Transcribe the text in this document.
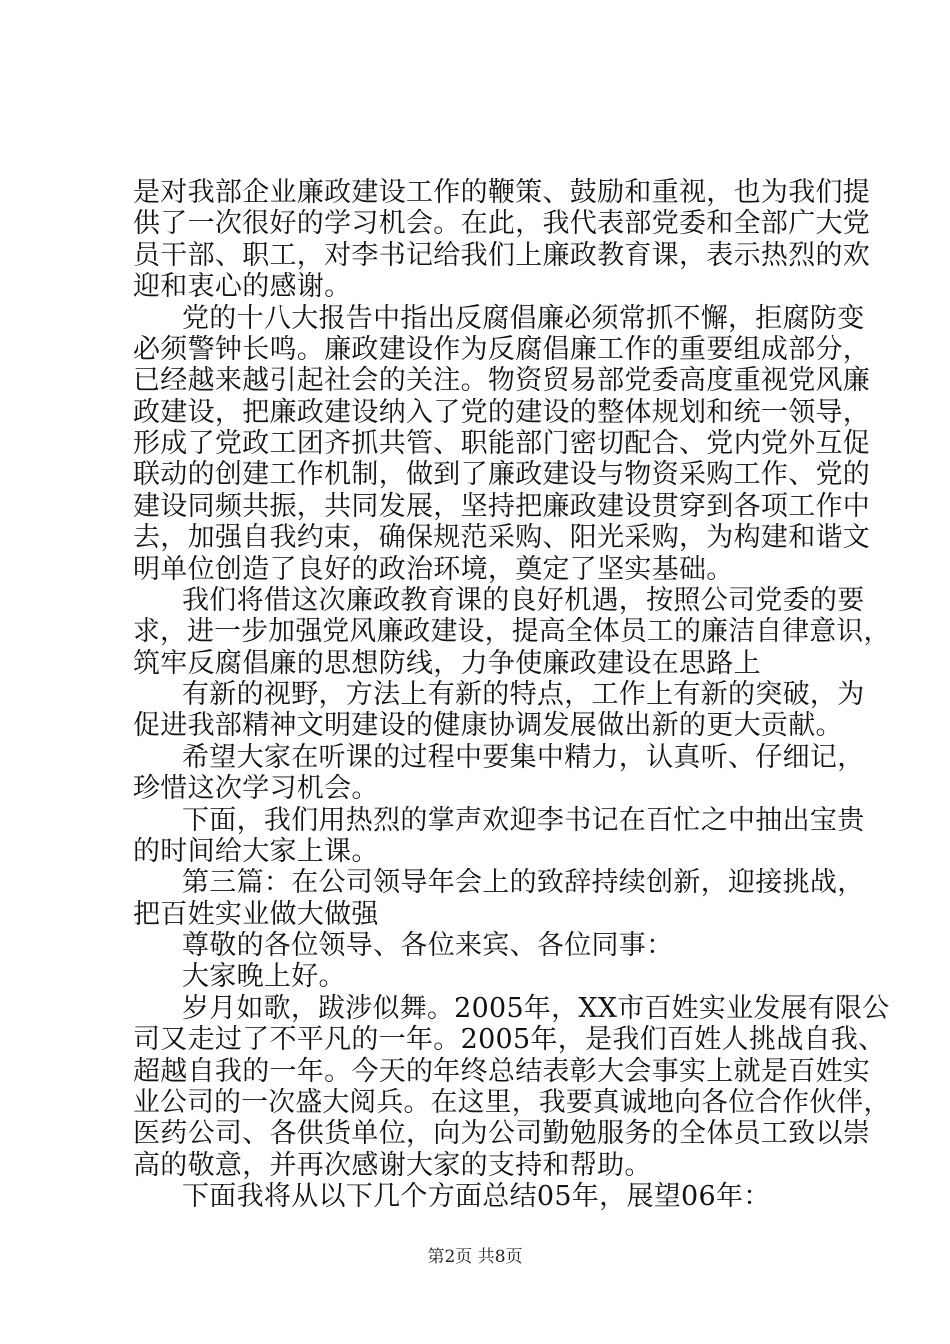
是对我部企业廉政建设工作的鞭策、鼓励和重视，也为我们提
供了一次很好的学习机会。在此，我代表部党委和全部广大党
员干部、职工，对李书记给我们上廉政教育课，表示热烈的欢
迎和衷心的感谢。
党的十八大报告中指出反腐倡廉必须常抓不懈，拒腐防变
必须警钟长鸣。廉政建设作为反腐倡廉工作的重要组成部分，
已经越来越引起社会的关注。物资贸易部党委高度重视党风廉
政建设，把廉政建设纳入了党的建设的整体规划和统一领导，
形成了党政工团齐抓共管、职能部门密切配合、党内党外互促
联动的创建工作机制，做到了廉政建设与物资采购工作、党的
建设同频共振，共同发展，坚持把廉政建设贯穿到各项工作中
去，加强自我约束，确保规范采购、阳光采购，为构建和谐文
明单位创造了良好的政治环境，奠定了坚实基础。
我们将借这次廉政教育课的良好机遇，按照公司党委的要
求，进一步加强党风廉政建设，提高全体员工的廉洁自律意识，
筑牢反腐倡廉的思想防线，力争使廉政建设在思路上
有新的视野，方法上有新的特点，工作上有新的突破，为
促进我部精神文明建设的健康协调发展做出新的更大贡献。
希望大家在听课的过程中要集中精力，认真听、仔细记，
珍惜这次学习机会。
下面，我们用热烈的掌声欢迎李书记在百忙之中抽出宝贵
的时间给大家上课。
第三篇：在公司领导年会上的致辞持续创新，迎接挑战，
把百姓实业做大做强
尊敬的各位领导、各位来宾、各位同事：
大家晚上好。
岁月如歌，跋涉似舞。2005年，XX市百姓实业发展有限公
司又走过了不平凡的一年。2005年，是我们百姓人挑战自我、
超越自我的一年。今天的年终总结表彰大会事实上就是百姓实
业公司的一次盛大阅兵。在这里，我要真诚地向各位合作伙伴，
医药公司、各供货单位，向为公司勤勉服务的全体员工致以崇
高的敬意，并再次感谢大家的支持和帮助。
下面我将从以下几个方面总结05年，展望06年：
第2页 共8页
